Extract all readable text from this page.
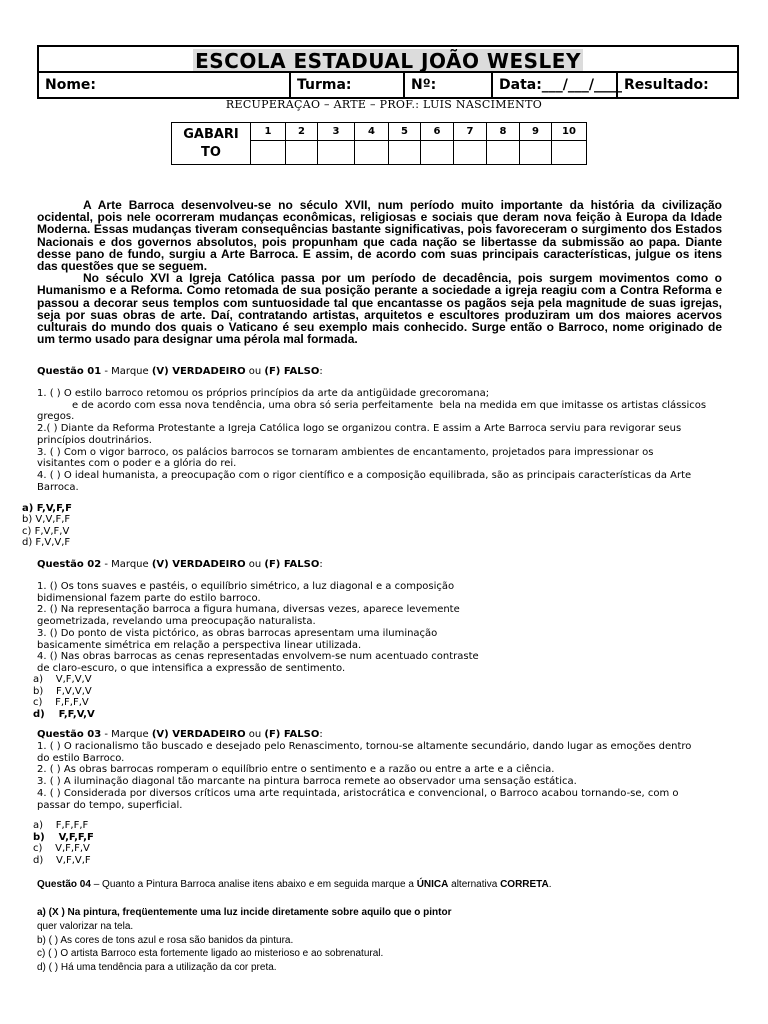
ESCOLA ESTADUAL JOÃO WESLEY
Nome:	Turma:	Nº:	Data:___/___/____ Resultado:
RECUPERAÇÃO – ARTE – PROF.: LUIS NASCIMENTO
GABARI
TO	1	2	3	4	5	6	7	8	9	10

A Arte Barroca desenvolveu-se no século XVII, num período muito importante da história da civilização ocidental, pois nele ocorreram mudanças econômicas, religiosas e sociais que deram nova feição à Europa da Idade Moderna. Essas mudanças tiveram consequências bastante significativas, pois favoreceram o surgimento dos Estados Nacionais e dos governos absolutos, pois propunham que cada nação se libertasse da submissão ao papa. Diante desse pano de fundo, surgiu a Arte Barroca. E assim, de acordo com suas principais características, julgue os itens das questões que se seguem.

No século XVI a Igreja Católica passa por um período de decadência, pois surgem movimentos como o Humanismo e a Reforma. Como retomada de sua posição perante a sociedade a igreja reagiu com a Contra Reforma e passou a decorar seus templos com suntuosidade tal que encantasse os pagãos seja pela magnitude de suas igrejas, seja por suas obras de arte. Daí, contratando artistas, arquitetos e escultores produziram um dos maiores acervos culturais do mundo dos quais o Vaticano é seu exemplo mais conhecido. Surge então o Barroco, nome originado de um termo usado para designar uma pérola mal formada.

Questão 01 - Marque (V) VERDADEIRO ou (F) FALSO:
1. ( ) O estilo barroco retomou os próprios princípios da arte da antigüidade grecoromana;
e de acordo com essa nova tendência, uma obra só seria perfeitamente  bela na medida em que imitasse os artistas clássicos
gregos.
2.( ) Diante da Reforma Protestante a Igreja Católica logo se organizou contra. E assim a Arte Barroca serviu para revigorar seus
princípios doutrinários.
3. ( ) Com o vigor barroco, os palácios barrocos se tornaram ambientes de encantamento, projetados para impressionar os
visitantes com o poder e a glória do rei.
4. ( ) O ideal humanista, a preocupação com o rigor científico e a composição equilibrada, são as principais características da Arte
Barroca.
a) F,V,F,F
b) V,V,F,F
c) F,V,F,V
d) F,V,V,F
Questão 02 - Marque (V) VERDADEIRO ou (F) FALSO:
1. () Os tons suaves e pastéis, o equilíbrio simétrico, a luz diagonal e a composição
bidimensional fazem parte do estilo barroco.
2. () Na representação barroca a figura humana, diversas vezes, aparece levemente
geometrizada, revelando uma preocupação naturalista.
3. () Do ponto de vista pictórico, as obras barrocas apresentam uma iluminação
basicamente simétrica em relação a perspectiva linear utilizada.
4. () Nas obras barrocas as cenas representadas envolvem-se num acentuado contraste
de claro-escuro, o que intensifica a expressão de sentimento.
a)    V,F,V,V
b)    F,V,V,V
c)    F,F,F,V
d)    F,F,V,V
Questão 03 - Marque (V) VERDADEIRO ou (F) FALSO:
1. ( ) O racionalismo tão buscado e desejado pelo Renascimento, tornou-se altamente secundário, dando lugar as emoções dentro
do estilo Barroco.
2. ( ) As obras barrocas romperam o equilíbrio entre o sentimento e a razão ou entre a arte e a ciência.
3. ( ) A iluminação diagonal tão marcante na pintura barroca remete ao observador uma sensação estática.
4. ( ) Considerada por diversos críticos uma arte requintada, aristocrática e convencional, o Barroco acabou tornando-se, com o
passar do tempo, superficial.
a)    F,F,F,F
b)    V,F,F,F
c)    V,F,F,V
d)    V,F,V,F
Questão 04 – Quanto a Pintura Barroca analise itens abaixo e em seguida marque a ÚNICA alternativa CORRETA.
a) (X ) Na pintura, freqüentemente uma luz incide diretamente sobre aquilo que o pintor
quer valorizar na tela.
b) ( ) As cores de tons azul e rosa são banidos da pintura.
c) ( ) O artista Barroco esta fortemente ligado ao misterioso e ao sobrenatural.
d) ( ) Há uma tendência para a utilização da cor preta.
